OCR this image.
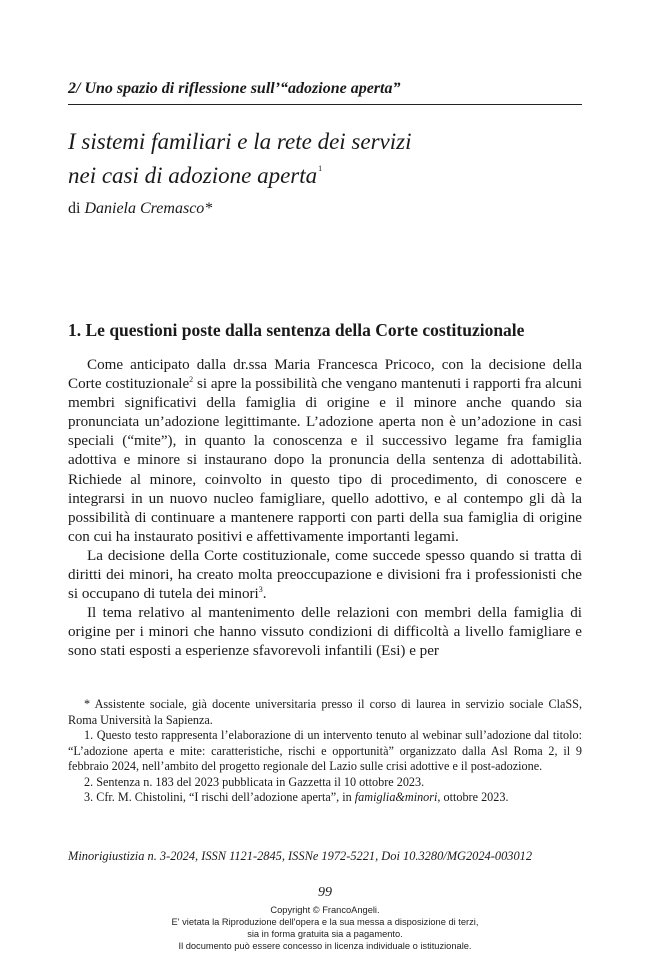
2/ Uno spazio di riflessione sull’“adozione aperta”
I sistemi familiari e la rete dei servizi
nei casi di adozione aperta$^1$
di Daniela Cremasco*
1. Le questioni poste dalla sentenza della Corte costituzionale

Come anticipato dalla dr.ssa Maria Francesca Pricoco, con la decisione della Corte costituzionale$^2$ si apre la possibilità che vengano mantenuti i rapporti fra alcuni membri significativi della famiglia di origine e il minore anche quando sia pronunciata un’adozione legittimante. L’adozione aperta non è un’adozione in casi speciali (“mite”), in quanto la conoscenza e il successivo legame fra famiglia adottiva e minore si instaurano dopo la pronuncia della sentenza di adottabilità. Richiede al minore, coinvolto in questo tipo di procedimento, di conoscere e integrarsi in un nuovo nucleo famigliare, quello adottivo, e al contempo gli dà la possibilità di continuare a mantenere rapporti con parti della sua famiglia di origine con cui ha instaurato positivi e affettivamente importanti legami.

La decisione della Corte costituzionale, come succede spesso quando si tratta di diritti dei minori, ha creato molta preoccupazione e divisioni fra i professionisti che si occupano di tutela dei minori$^3$.

Il tema relativo al mantenimento delle relazioni con membri della famiglia di origine per i minori che hanno vissuto condizioni di difficoltà a livello famigliare e sono stati esposti a esperienze sfavorevoli infantili (Esi) e per

* Assistente sociale, già docente universitaria presso il corso di laurea in servizio sociale ClaSS, Roma Università la Sapienza.

1. Questo testo rappresenta l’elaborazione di un intervento tenuto al webinar sull’adozione dal titolo: “L’adozione aperta e mite: caratteristiche, rischi e opportunità” organizzato dalla Asl Roma 2, il 9 febbraio 2024, nell’ambito del progetto regionale del Lazio sulle crisi adottive e il post-adozione.

2. Sentenza n. 183 del 2023 pubblicata in Gazzetta il 10 ottobre 2023.

3. Cfr. M. Chistolini, “I rischi dell’adozione aperta”, in famiglia&minori, ottobre 2023.

Minorigiustizia n. 3-2024, ISSN 1121-2845, ISSNe 1972-5221, Doi 10.3280/MG2024-003012
99
Copyright © FrancoAngeli.
E' vietata la Riproduzione dell'opera e la sua messa a disposizione di terzi,
sia in forma gratuita sia a pagamento.
Il documento può essere concesso in licenza individuale o istituzionale.
